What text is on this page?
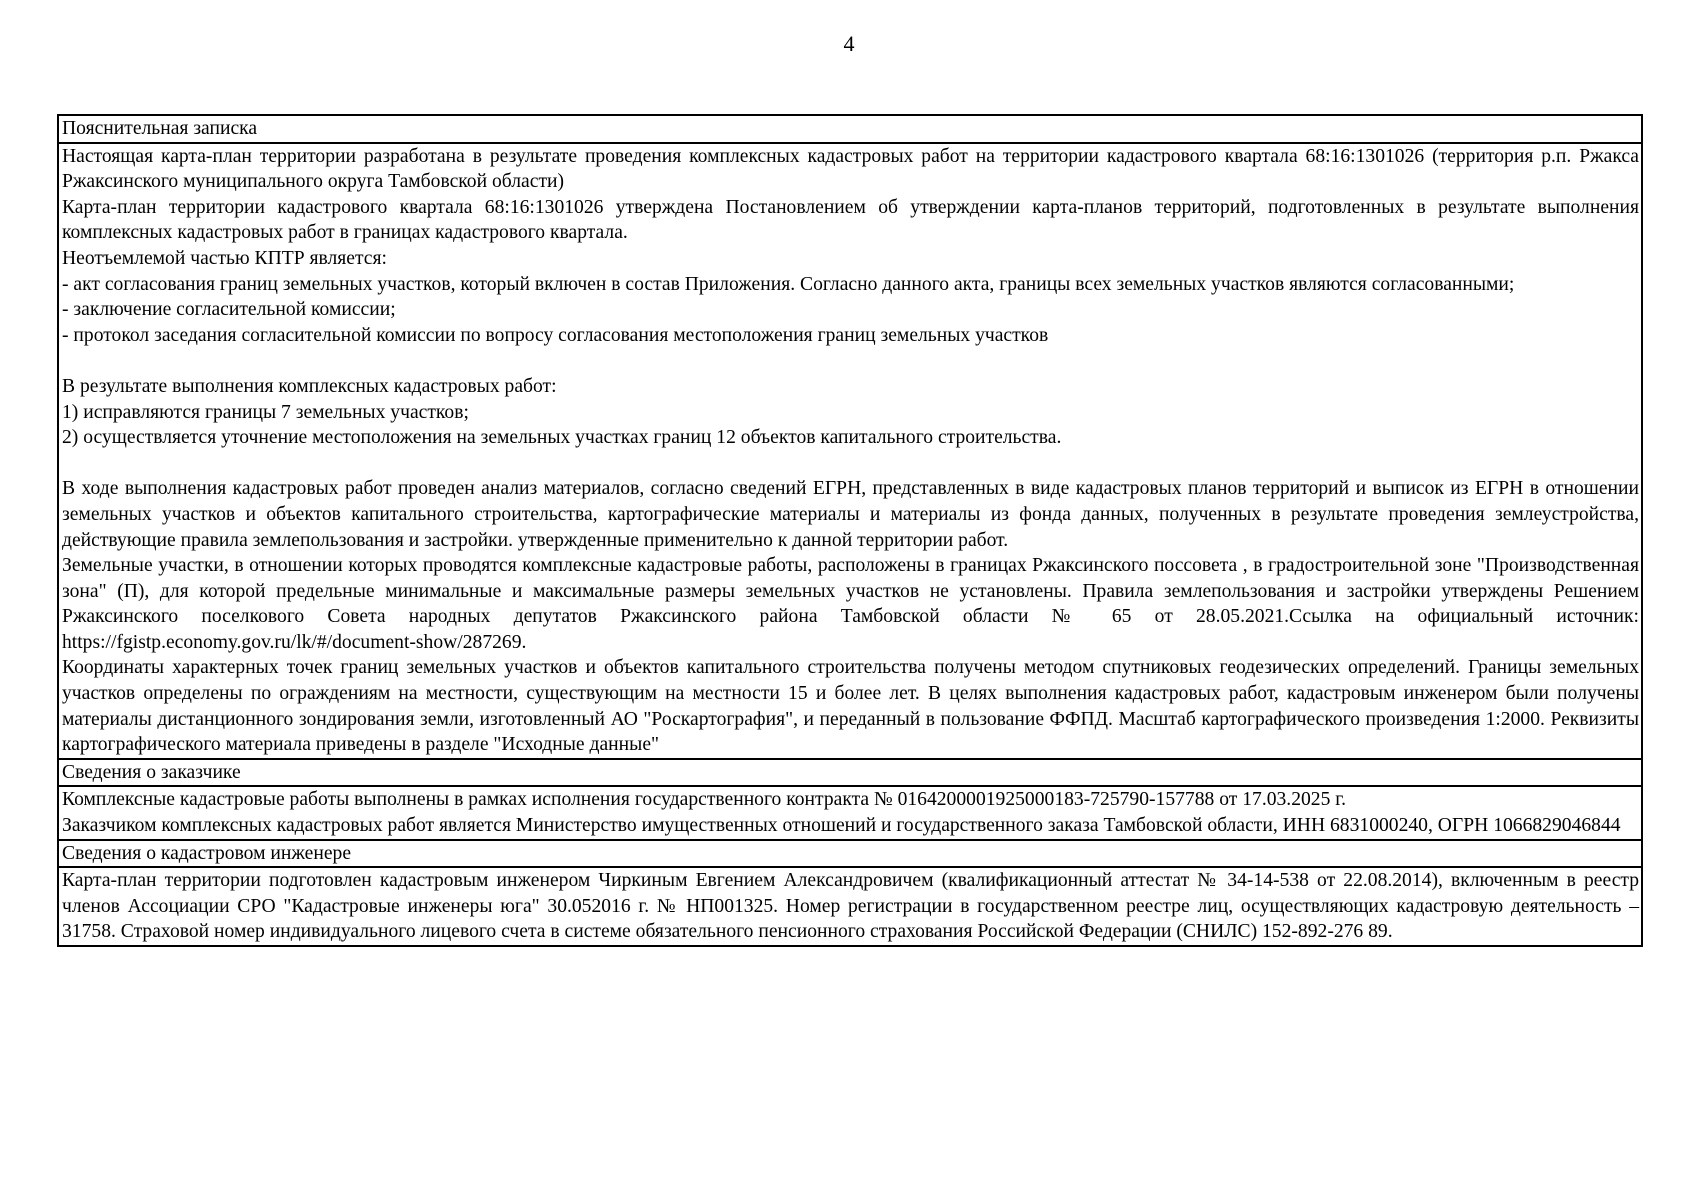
4
Пояснительная записка

Настоящая карта-план территории разработана в результате проведения комплексных кадастровых работ на территории кадастрового квартала 68:16:1301026 (территория р.п. Ржакса Ржаксинского муниципального округа Тамбовской области)
Карта-план территории кадастрового квартала 68:16:1301026 утверждена Постановлением об утверждении карта-планов территорий, подготовленных в результате выполнения комплексных кадастровых работ в границах кадастрового квартала.
Неотъемлемой частью КПТР является:
- акт согласования границ земельных участков, который включен в состав Приложения. Согласно данного акта, границы всех земельных участков являются согласованными;
- заключение согласительной комиссии;
- протокол заседания согласительной комиссии по вопросу согласования местоположения границ земельных участков
В результате выполнения комплексных кадастровых работ:
1) исправляются границы 7 земельных участков;
2) осуществляется уточнение местоположения на земельных участках границ 12 объектов капитального строительства.
В ходе выполнения кадастровых работ проведен анализ материалов, согласно сведений ЕГРН, представленных в виде кадастровых планов территорий и выписок из ЕГРН в отношении земельных участков и объектов капитального строительства, картографические материалы и материалы из фонда данных, полученных в результате проведения землеустройства, действующие правила землепользования и застройки. утвержденные применительно к данной территории работ.
Земельные участки, в отношении которых проводятся комплексные кадастровые работы, расположены в границах Ржаксинского поссовета , в градостроительной зоне "Производственная зона" (П), для которой предельные минимальные и максимальные размеры земельных участков не установлены. Правила землепользования и застройки утверждены Решением Ржаксинского поселкового Совета народных депутатов Ржаксинского района Тамбовской области № 65 от 28.05.2021.Ссылка на официальный источник: https://fgistp.economy.gov.ru/lk/#/document-show/287269.
Координаты характерных точек границ земельных участков и объектов капитального строительства получены методом спутниковых геодезических определений. Границы земельных участков определены по ограждениям на местности, существующим на местности 15 и более лет. В целях выполнения кадастровых работ, кадастровым инженером были получены материалы дистанционного зондирования земли, изготовленный АО "Роскартография", и переданный в пользование ФФПД. Масштаб картографического произведения 1:2000. Реквизиты картографического материала приведены в разделе "Исходные данные"

Сведения о заказчике

Комплексные кадастровые работы выполнены в рамках исполнения государственного контракта № 0164200001925000183-725790-157788 от 17.03.2025 г.
Заказчиком комплексных кадастровых работ является Министерство имущественных отношений и государственного заказа Тамбовской области, ИНН 6831000240, ОГРН 1066829046844

Сведения о кадастровом инженере

Карта-план территории подготовлен кадастровым инженером Чиркиным Евгением Александровичем (квалификационный аттестат № 34-14-538 от 22.08.2014), включенным в реестр членов Ассоциации СРО "Кадастровые инженеры юга" 30.052016 г. № НП001325. Номер регистрации в государственном реестре лиц, осуществляющих кадастровую деятельность – 31758. Страховой номер индивидуального лицевого счета в системе обязательного пенсионного страхования Российской Федерации (СНИЛС) 152-892-276 89.
